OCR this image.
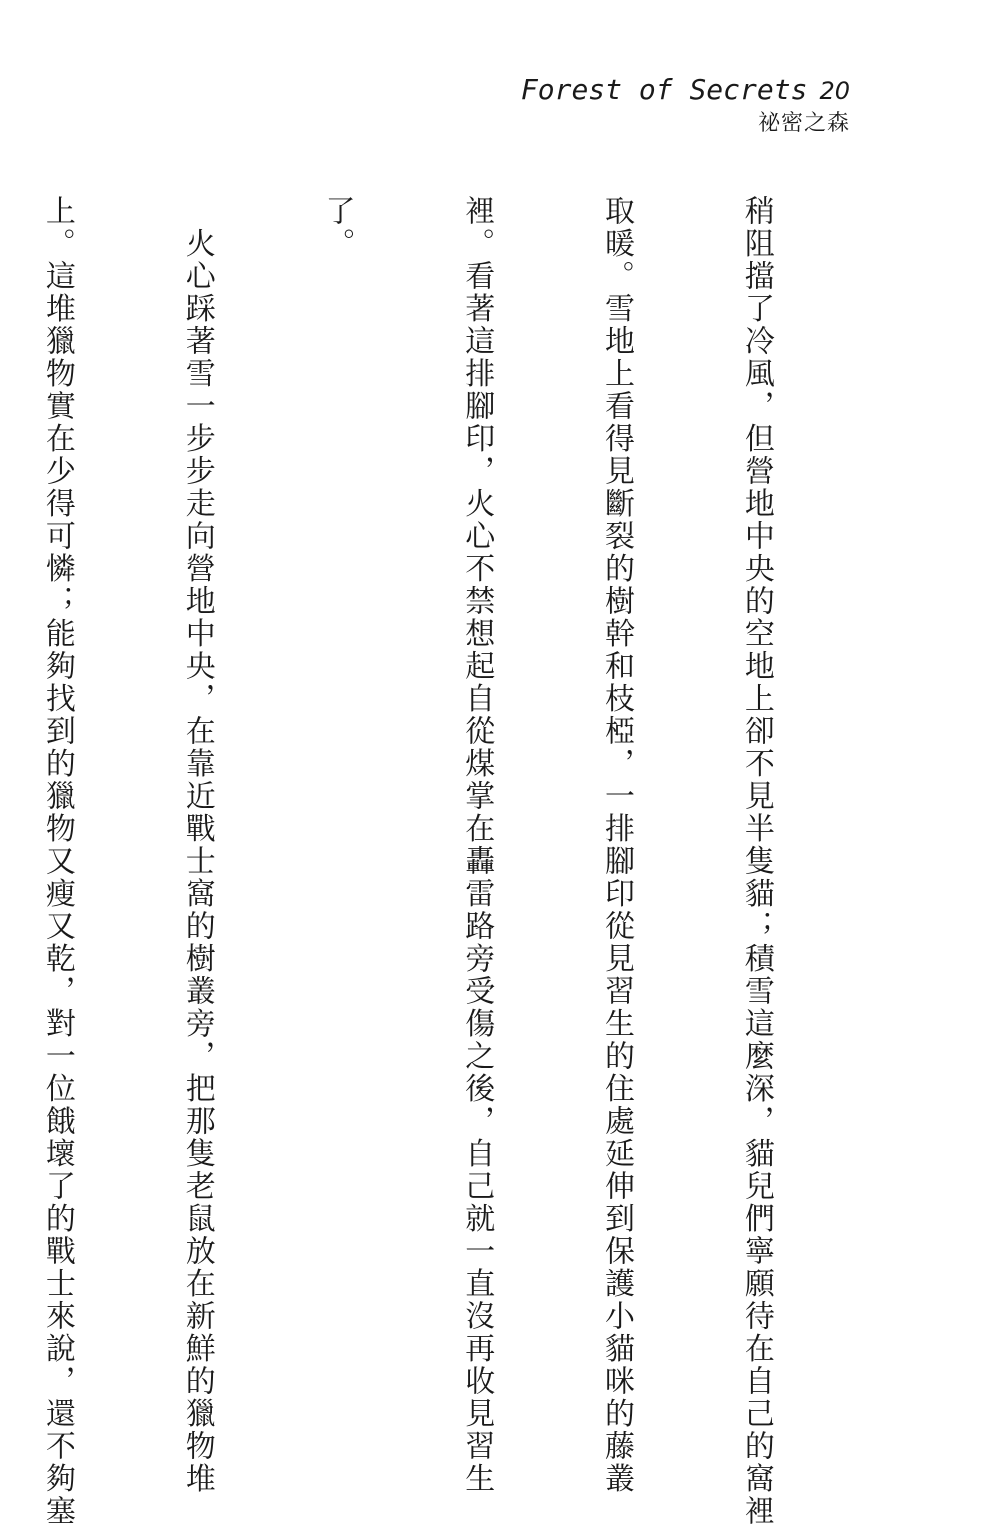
Forest of Secrets 20
祕密之森

稍阻擋了冷風，但營地中央的空地上卻不見半隻貓；積雪這麼深，貓兒們寧願待在自己的窩裡

取暖。雪地上看得見斷裂的樹幹和枝椏，一排腳印從見習生的住處延伸到保護小貓咪的藤叢

裡。看著這排腳印，火心不禁想起自從煤掌在轟雷路旁受傷之後，自己就一直沒再收見習生

了。

　火心踩著雪一步步走向營地中央，在靠近戰士窩的樹叢旁，把那隻老鼠放在新鮮的獵物堆

上。這堆獵物實在少得可憐；能夠找到的獵物又瘦又乾，對一位餓壞了的戰士來說，還不夠塞
